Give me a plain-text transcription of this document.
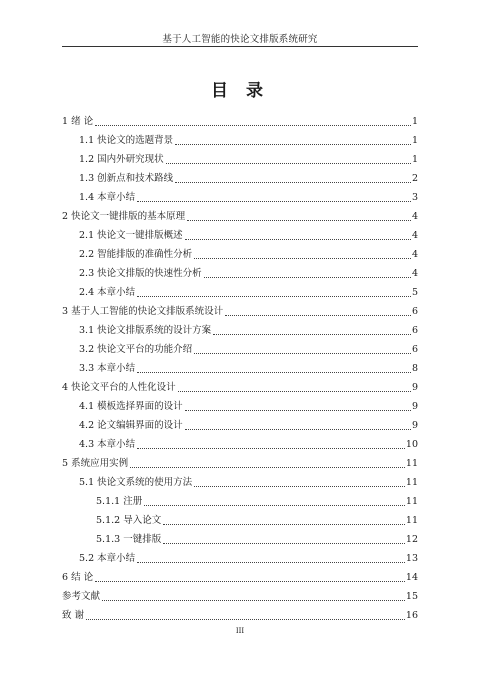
基于人工智能的快论文排版系统研究
目 录
1 绪 论	1
1.1 快论文的选题背景	1
1.2 国内外研究现状	1
1.3 创新点和技术路线	2
1.4 本章小结	3
2 快论文一键排版的基本原理	4
2.1 快论文一键排版概述	4
2.2 智能排版的准确性分析	4
2.3 快论文排版的快速性分析	4
2.4 本章小结	5
3 基于人工智能的快论文排版系统设计	6
3.1 快论文排版系统的设计方案	6
3.2 快论文平台的功能介绍	6
3.3 本章小结	8
4 快论文平台的人性化设计	9
4.1 模板选择界面的设计	9
4.2 论文编辑界面的设计	9
4.3 本章小结	10
5 系统应用实例	11
5.1 快论文系统的使用方法	11
5.1.1 注册	11
5.1.2 导入论文	11
5.1.3 一键排版	12
5.2 本章小结	13
6 结 论	14
参考文献	15
致 谢	16
III
